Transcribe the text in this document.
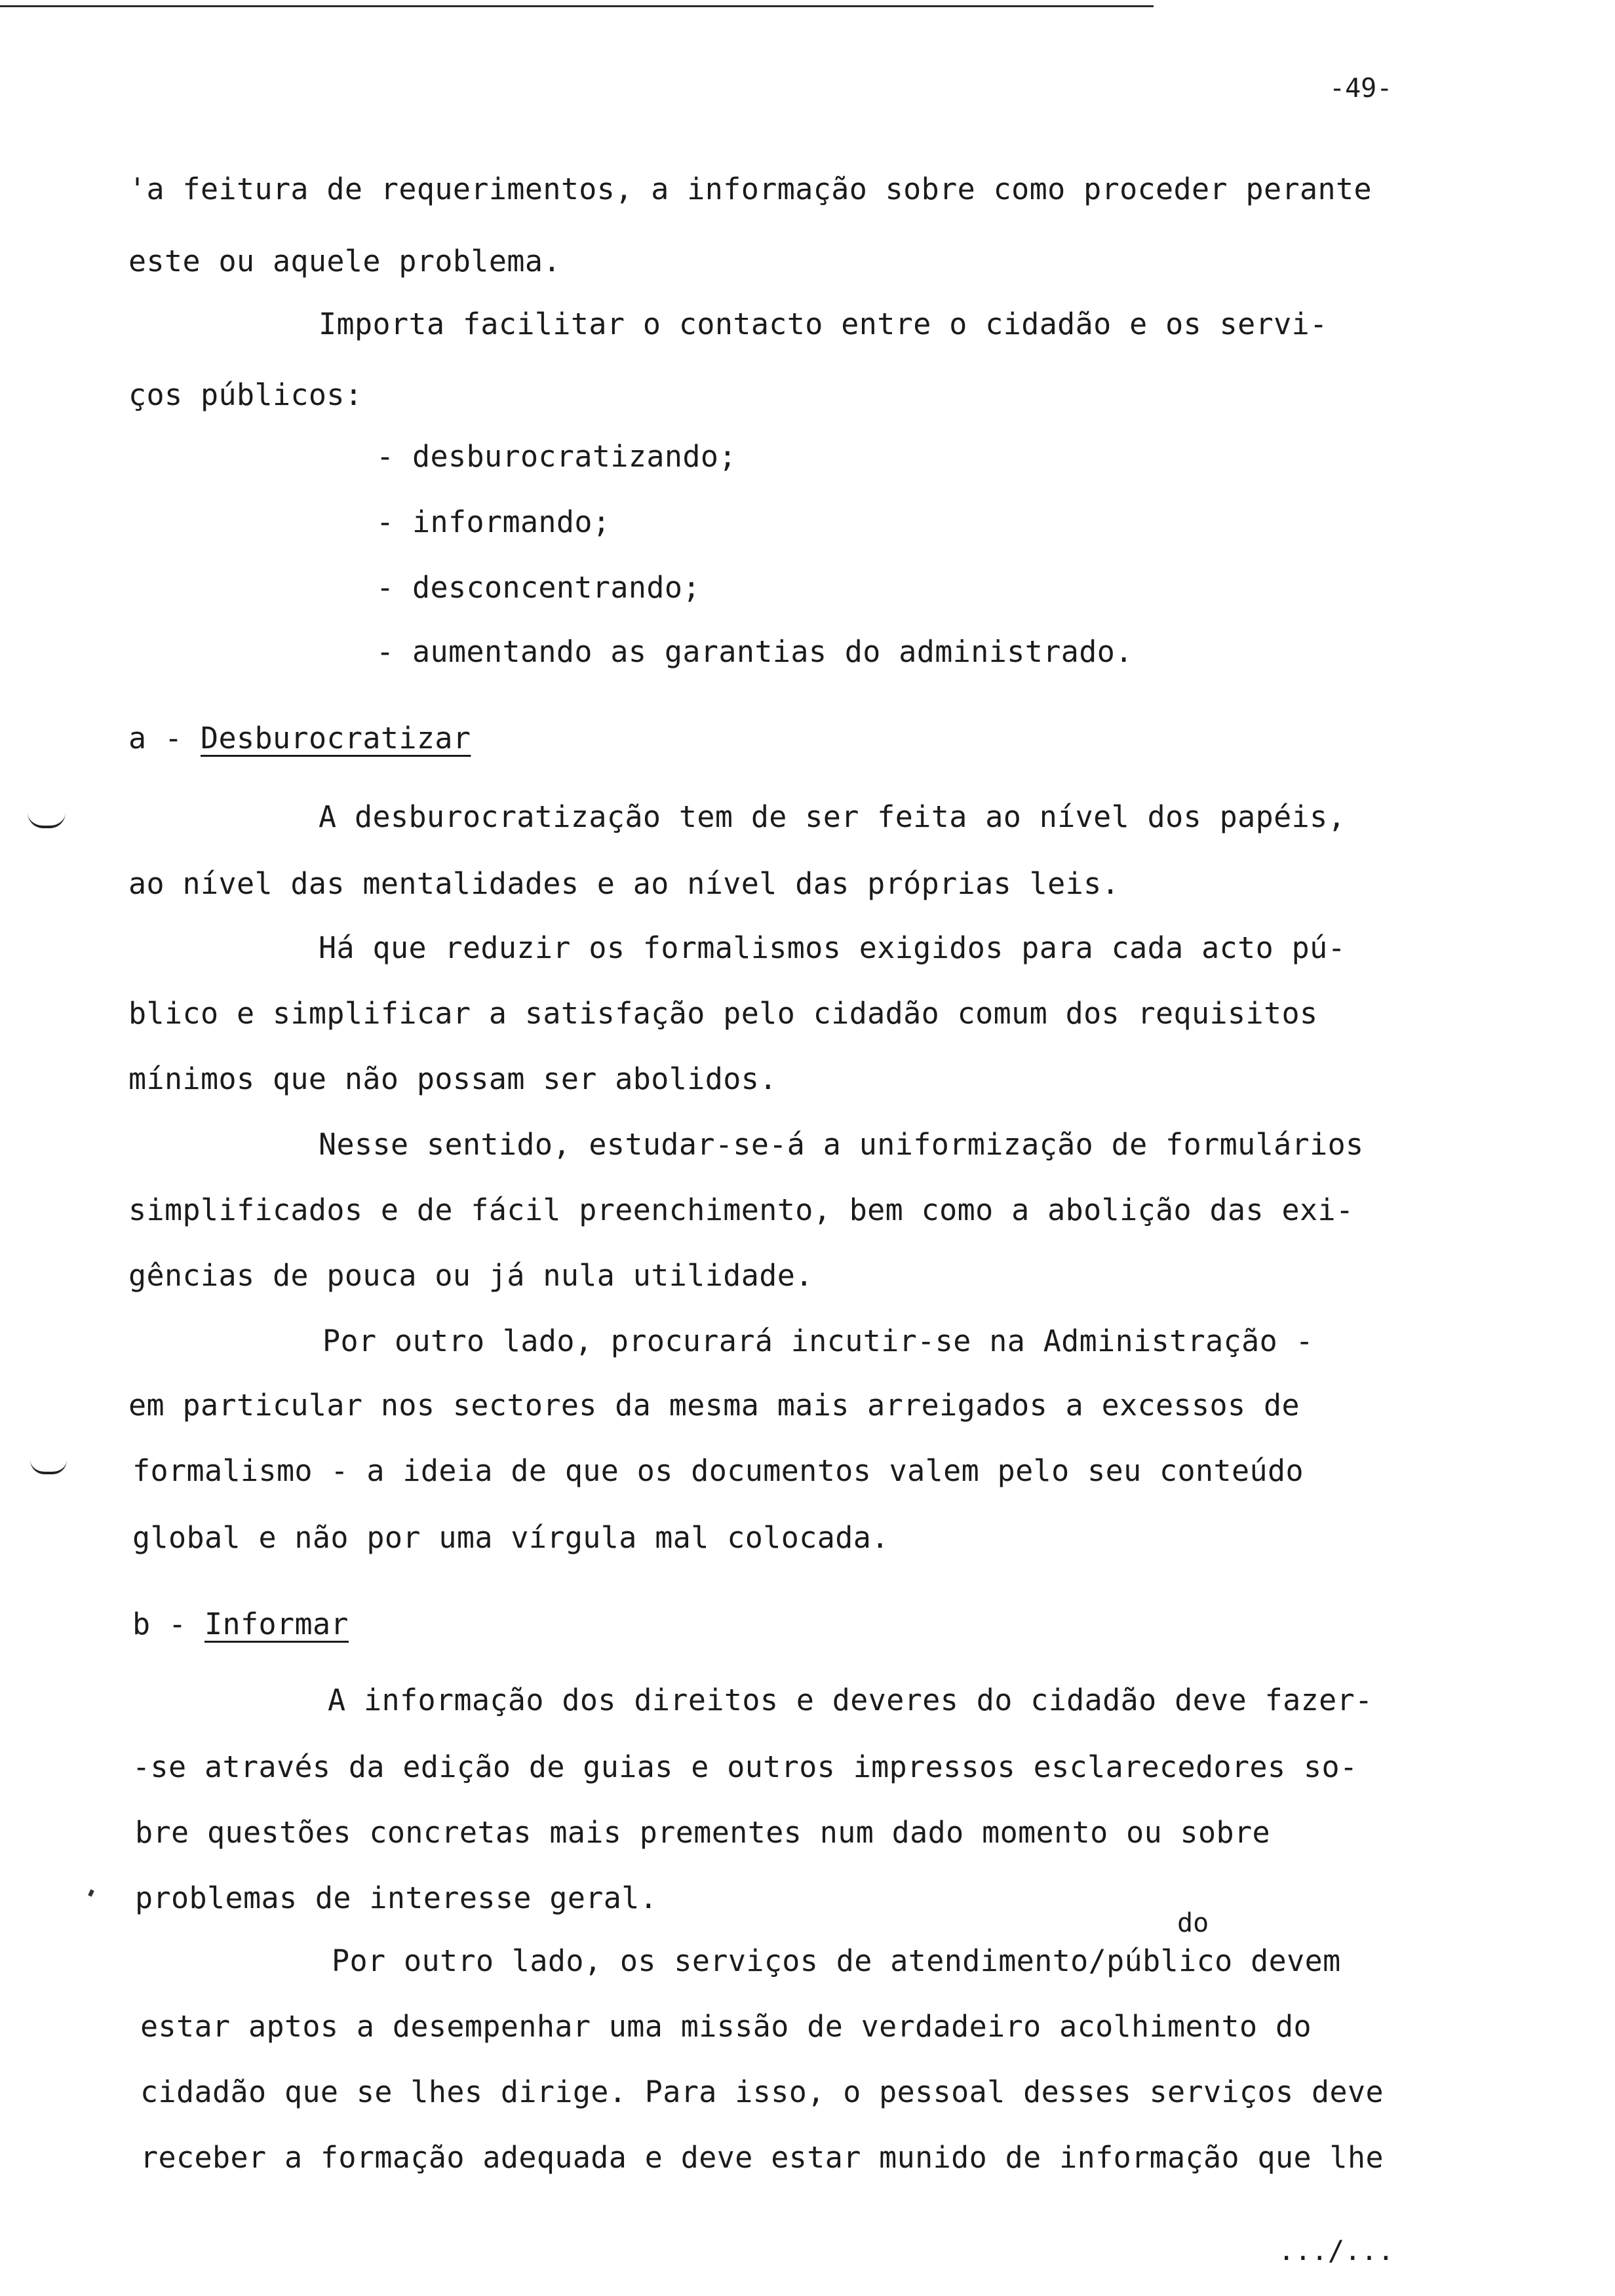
-49-
'a feitura de requerimentos, a informação sobre como proceder perante
este ou aquele problema.
Importa facilitar o contacto entre o cidadão e os servi-
ços públicos:
- desburocratizando;
- informando;
- desconcentrando;
- aumentando as garantias do administrado.
a - Desburocratizar
A desburocratização tem de ser feita ao nível dos papéis,
ao nível das mentalidades e ao nível das próprias leis.
Há que reduzir os formalismos exigidos para cada acto pú-
blico e simplificar a satisfação pelo cidadão comum dos requisitos
mínimos que não possam ser abolidos.
Nesse sentido, estudar-se-á a uniformização de formulários
simplificados e de fácil preenchimento, bem como a abolição das exi-
gências de pouca ou já nula utilidade.
Por outro lado, procurará incutir-se na Administração -
em particular nos sectores da mesma mais arreigados a excessos de
formalismo - a ideia de que os documentos valem pelo seu conteúdo
global e não por uma vírgula mal colocada.
b - Informar
A informação dos direitos e deveres do cidadão deve fazer-
-se através da edição de guias e outros impressos esclarecedores so-
bre questões concretas mais prementes num dado momento ou sobre
problemas de interesse geral.
do
Por outro lado, os serviços de atendimento/público devem
estar aptos a desempenhar uma missão de verdadeiro acolhimento do
cidadão que se lhes dirige. Para isso, o pessoal desses serviços deve
receber a formação adequada e deve estar munido de informação que lhe
.../...
